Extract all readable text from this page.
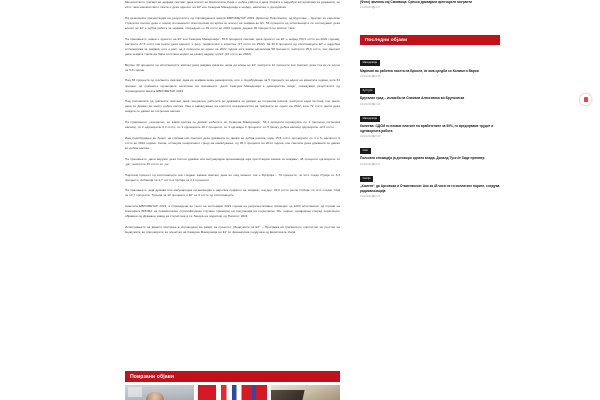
Мнозинството граѓани во земјава сметаат дека влезот во Европската Унија е добра работа и дека Унијата е најдобра алтернатива за државата, но исто така мнозинството смета и дека односот на ЕУ кон Северна Македонија е нефер, навлечен и уценувачки.

На денешната презентација на резултатите од спроведената анкета ЕВРОМЕТАР 2023, Димитар Николовски, од Еуротинк – Центар за европски стратегии посочи дека и покрај зголемениот скептицизам во врска со влезот на земјава во ЕУ, 53 проценти од испитаниците се согласуваат дека влезот во ЕУ е добра работа за земјава, споредено со 49 отсто во 2022 година, додека 30 проценти не мислат така.

На прашањето „каков е односот на ЕУ кон Северна Македонија“, 55,8 проценти сметаат дека односот на ЕУ е нефер (50,3 отсто во 2022 година), наспроти 27,5 отсто кои рекле дека односот е фер, пријателски и коректен (17 отсто во 2022). За 60,8 проценти од испитаниците ЕУ е најдобра алтернатива за земјава, што е раст од 2 проценти во однос на 2022 година кога ваква одговорија 58 проценти, наспроти 35,6 отсто, кои сметаат дека земјата треба да бара сопствен модел за развој надвор од ЕУ (33 отсто во 2022).

Вкупно 30 проценти од испитаниците мислат дека земјава никогаш нема да влезе во ЕУ, наспроти 12 проценти кои сметаат дека тоа ќе се случи за 5-9 години.

Над 56 проценти од граѓаните сметаат дека во земјава нема демократија, што е подобрување за 5 проценти во однос на минатата година, кога 61 процент од граѓаните одговориле негативно на прашањето „дали Северна Македонија е демократска земја“, покажуваат резултатите од спроведената анкета ЕВРОМЕТАР 2023.

Над половината од граѓаните сметаат дека генерално, работите во државата се движат во погрешна насока, наспроти една петтина, кои рекле дека се движат во многу добра насока. Ова е намалување на општото незадоволство на граѓаните во однос на 2022, кога 72 отсто рекле дека земјата се движи во погрешна насока.

На прашањето „генерално, во каква насока се движат работите во Северна Македонија“, 54,4 проценти одговориле со 1 (целосно погрешна насока), со 2 одговориле 8,3 отсто, со 3 одговориле 20,7 проценти, со 4 одговара 3 проценти, со 5 (многу добра насока) одговориле 12,6 отсто.

Има подобрување во бројот на граѓани кои сметаат дека државата се движи во добра насока, каде 15,6 отсто одговориле со 4 и 5, наспроти 9 отсто во 2022 година. Сепак, останува генералниот тренд на намалување, од 36,1 проценти во 2014 година, кои сметале дека државата се движи во добра насока.

На прашањето „дали веруват дека постои држава или меѓународна организација која претставува закана за земјава“, 48 проценти одговориле со „да“, наспроти 46 отсто со „не“.

Најголем процент од испитаниците кои гледаат закана сметаат дека во овој момент тоа е Бугарија – 79 проценти, по што следи Русија со 6,3 проценти, Албанија за 2,7 отсто и Србија за 2,4 проценти.

На прашањето „која држава или меѓународна организација е најголем пријател на земјава“, нај-дел, 39,6 отсто рекле Србија, по што следат САД за 13,7 проценти, Турција за 10 проценти и ЕУ за 9 отсто од испитаниците.

Анкетата ЕВРОМЕТАР 2023, е спроведена во текот на септември 2023 година на репрезентативен примерок од 1003 испитаници, од страна на агенцијата БРИМА на повеќеетапен стратифициран случаен примерок на популација на полнолетни 18+ години, дизајниран според податоците објавени од Државен завод за статистика и се базира на податоци од Пописот 2021.

Испитувањето на јавното мислење е спроведено во рамки на проектот „Медиумите за ЕУ“ – Програма на граѓанското општество за учество на медиумите во преговорите за членство на Северна Македонија во ЕУ со финансиска поддршка од Европската Унија.

Поврзани објави
(Фото) അломы кај Смоквица: Српски државјани кренчареле мигранти
23/10/2023|14:07
Последни објави
Македонија
Маричиќ во работна посета на Брисел, ќе има средби со Колман и Варои
24/10/2023|13:46
Култура
Бругалин град – изложба на Снежана Алексовска во Бругалиска
24/10/2023|13:43
Македонија
Калиева: СДСМ ги покачи платите на вработените за 50%, го вреднуваме трудот и одговорната работа
24/10/2023|13:30
Свет
Полската опозиција ја договори идната влада, Доналд Туск ќе биде премиер
24/10/2023|13:27
Скопје
„Комети“ до Арсовска и Стаменкоски: Ако за 48 часа не ги исплатите парите, следува радикализација
24/10/2023|13:24
